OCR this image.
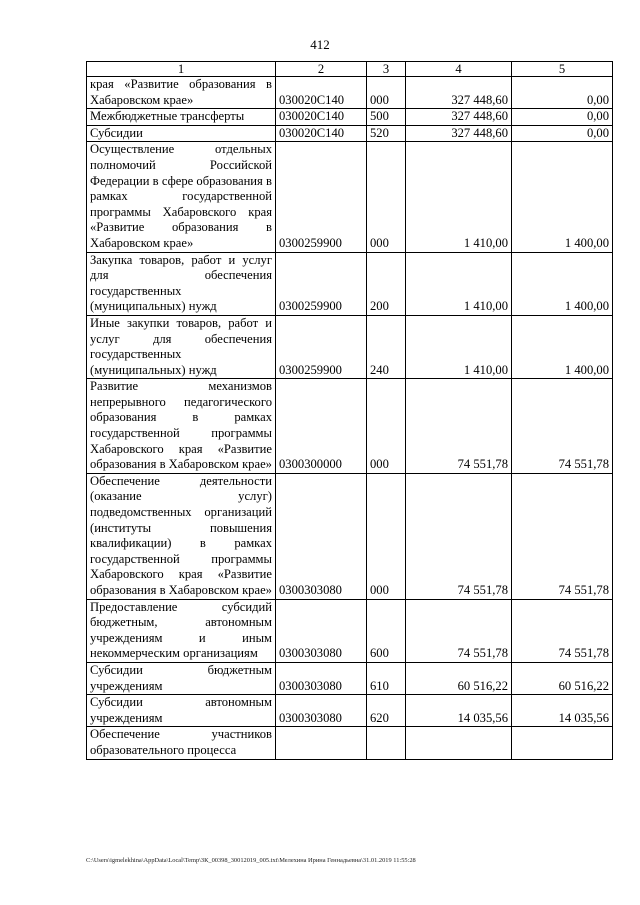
412
1	2	3	4	5
края «Развитие образования в Хабаровском крае»	030020С140	000	327 448,60	0,00
Межбюджетные трансферты	030020С140	500	327 448,60	0,00
Субсидии	030020С140	520	327 448,60	0,00
Осуществление отдельных полномочий Российской Федерации в сфере образования в рамках государственной программы Хабаровского края «Развитие образования в Хабаровском крае»	0300259900	000	1 410,00	1 400,00
Закупка товаров, работ и услуг для обеспечения государственных (муниципальных) нужд	0300259900	200	1 410,00	1 400,00
Иные закупки товаров, работ и услуг для обеспечения государственных (муниципальных) нужд	0300259900	240	1 410,00	1 400,00
Развитие механизмов непрерывного педагогического образования в рамках государственной программы Хабаровского края «Развитие образования в Хабаровском крае»	0300300000	000	74 551,78	74 551,78
Обеспечение деятельности (оказание услуг) подведомственных организаций (институты повышения квалификации) в рамках государственной программы Хабаровского края «Развитие образования в Хабаровском крае»	0300303080	000	74 551,78	74 551,78
Предоставление субсидий бюджетным, автономным учреждениям и иным некоммерческим организациям	0300303080	600	74 551,78	74 551,78
Субсидии бюджетным учреждениям	0300303080	610	60 516,22	60 516,22
Субсидии автономным учреждениям	0300303080	620	14 035,56	14 035,56
Обеспечение участников образовательного процесса				
C:\Users\igmelekhina\AppData\Local\Temp\ЗК_00398_30012019_005.txt\Мелехина Ирина Геннадьевна\31.01.2019 11:55:28
